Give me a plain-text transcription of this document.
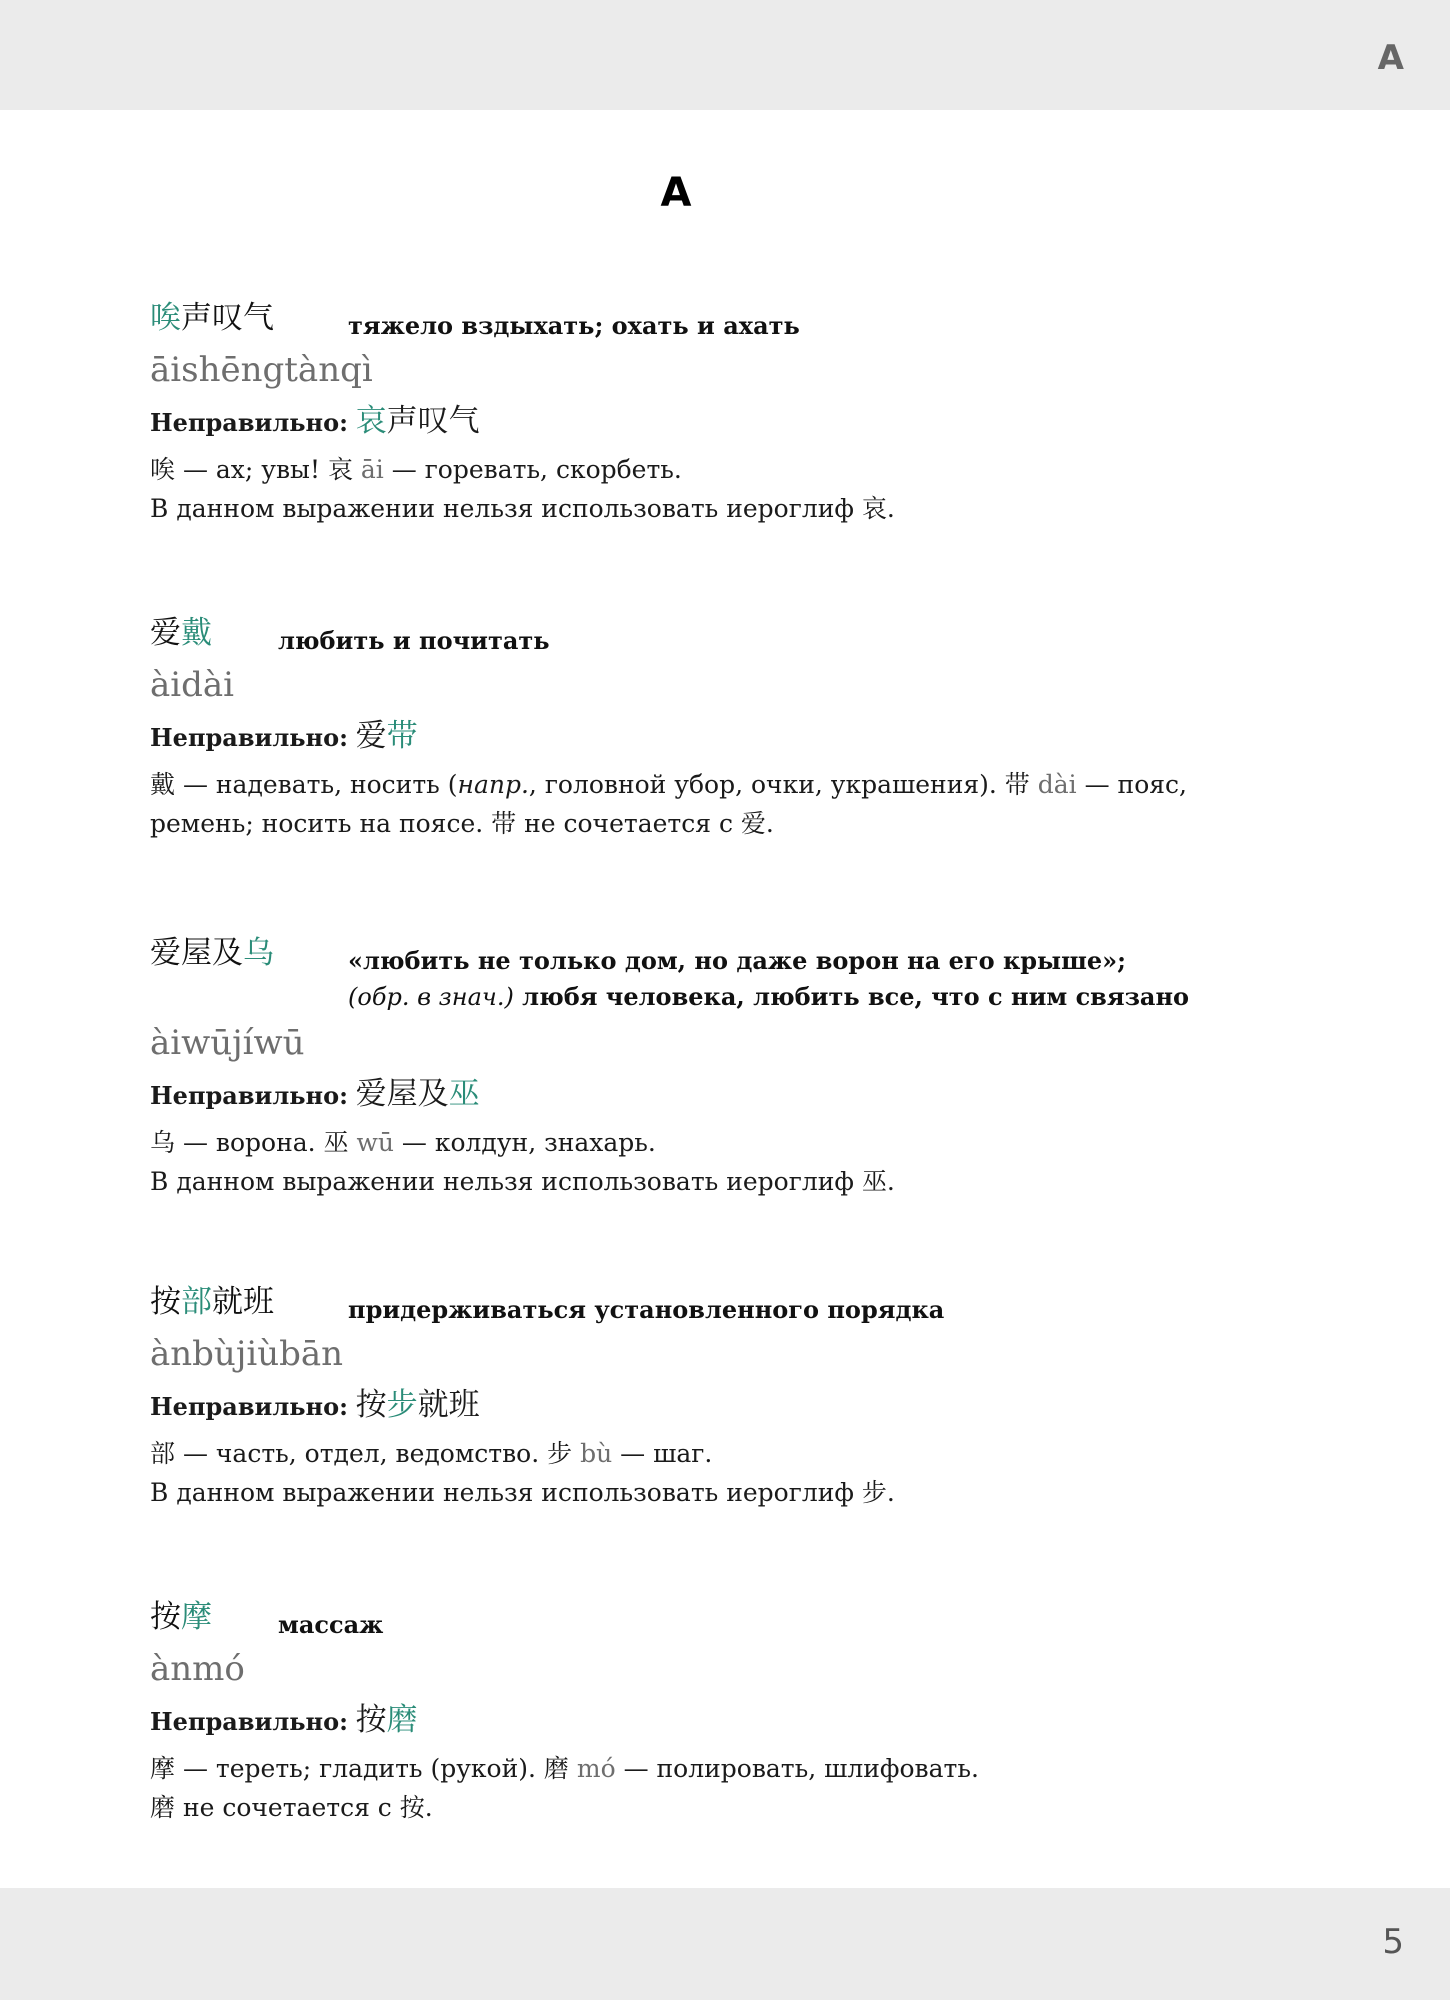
A
A
唉声叹气	тяжело вздыхать; охать и ахать
āishēngtànqì
Неправильно: 哀声叹气
唉 — ах; увы! 哀 āi — горевать, скорбеть.
В данном выражении нельзя использовать иероглиф 哀.
爱戴	любить и почитать
àidài
Неправильно: 爱带
戴 — надевать, носить (напр., головной убор, очки, украшения). 带 dài — пояс,
ремень; носить на поясе. 带 не сочетается с 爱.
爱屋及乌	«любить не только дом, но даже ворон на его крыше»;
(обр. в знач.) любя человека, любить все, что с ним связано
àiwūjíwū
Неправильно: 爱屋及巫
乌 — ворона. 巫 wū — колдун, знахарь.
В данном выражении нельзя использовать иероглиф 巫.
按部就班	придерживаться установленного порядка
ànbùjiùbān
Неправильно: 按步就班
部 — часть, отдел, ведомство. 步 bù — шаг.
В данном выражении нельзя использовать иероглиф 步.
按摩	массаж
ànmó
Неправильно: 按磨
摩 — тереть; гладить (рукой). 磨 mó — полировать, шлифовать.
磨 не сочетается с 按.
5
